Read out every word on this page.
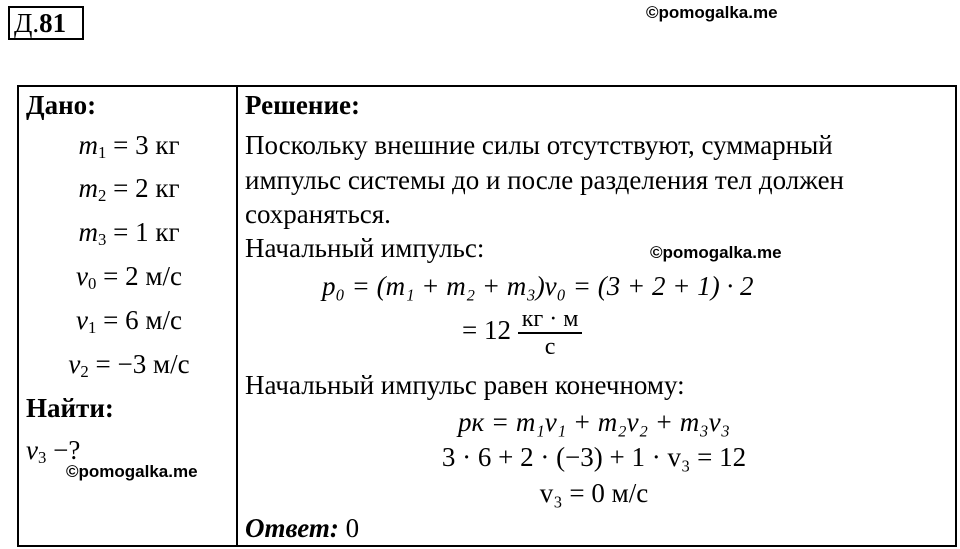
Д.81	©pomogalka.me
Дано:
$m_1 = 3$ кг
$m_2 = 2$ кг
$m_3 = 1$ кг
$v_0 = 2$ м/с
$v_1 = 6$ м/с
$v_2 = -3$ м/с
Найти:
$v_3$ −?
©pomogalka.me
Решение:
Поскольку внешние силы отсутствуют, суммарный
импульс системы до и после разделения тел должен
сохраняться.
Начальный импульс:	©pomogalka.me
p₀ = (m₁ + m₂ + m₃)v₀ = (3 + 2 + 1) · 2
= $12 \frac{кг \cdot м}{с}$
Начальный импульс равен конечному:
pк = m₁v₁ + m₂v₂ + m₃v₃
3 · 6 + 2 · (−3) + 1 · v₃ = 12
v₃ = 0 м/с
Ответ: 0
